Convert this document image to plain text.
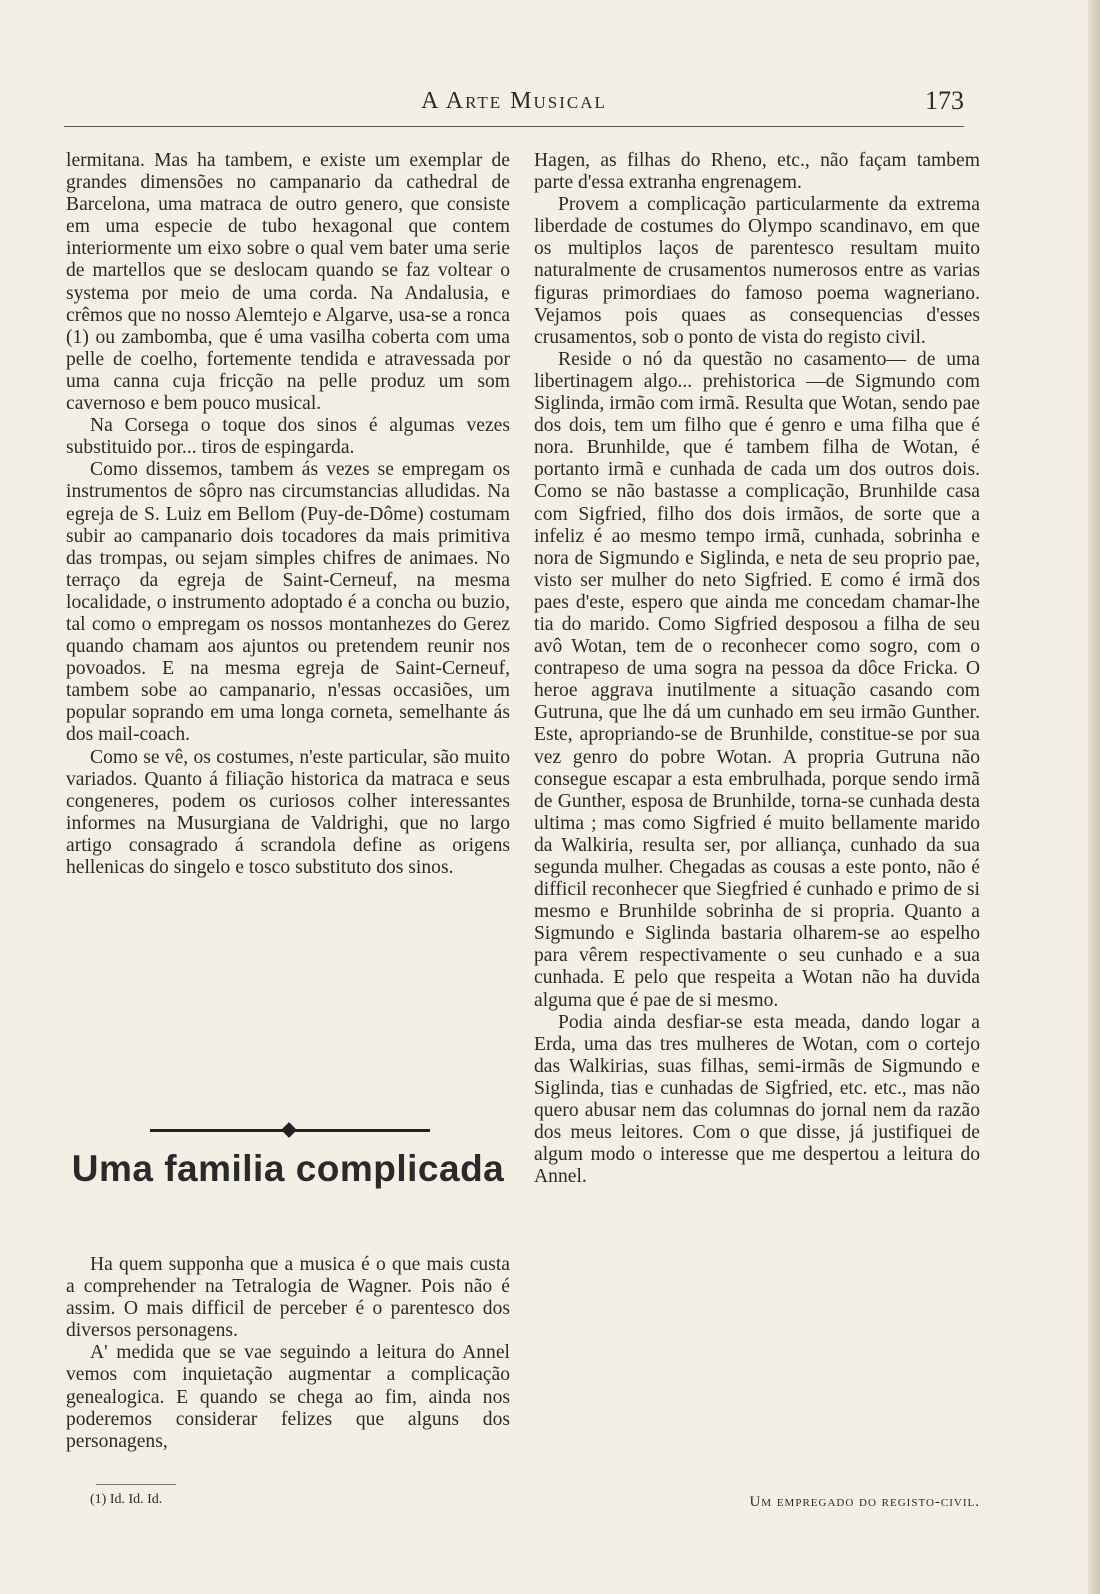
A Arte Musical	173

lermitana. Mas ha tambem, e existe um exemplar de grandes dimensões no campanario da cathedral de Barcelona, uma matraca de outro genero, que consiste em uma especie de tubo hexagonal que contem interiormente um eixo sobre o qual vem bater uma serie de martellos que se deslocam quando se faz voltear o systema por meio de uma corda. Na Andalusia, e crêmos que no nosso Alemtejo e Algarve, usa-se a ronca (1) ou zambomba, que é uma vasilha coberta com uma pelle de coelho, fortemente tendida e atravessada por uma canna cuja fricção na pelle produz um som cavernoso e bem pouco musical.

Na Corsega o toque dos sinos é algumas vezes substituido por... tiros de espingarda.

Como dissemos, tambem ás vezes se empregam os instrumentos de sôpro nas circumstancias alludidas. Na egreja de S. Luiz em Bellom (Puy-de-Dôme) costumam subir ao campanario dois tocadores da mais primitiva das trompas, ou sejam simples chifres de animaes. No terraço da egreja de Saint-Cerneuf, na mesma localidade, o instrumento adoptado é a concha ou buzio, tal como o empregam os nossos montanhezes do Gerez quando chamam aos ajuntos ou pretendem reunir nos povoados. E na mesma egreja de Saint-Cerneuf, tambem sobe ao campanario, n'essas occasiões, um popular soprando em uma longa corneta, semelhante ás dos mail-coach.

Como se vê, os costumes, n'este particular, são muito variados. Quanto á filiação historica da matraca e seus congeneres, podem os curiosos colher interessantes informes na Musurgiana de Valdrighi, que no largo artigo consagrado á scrandola define as origens hellenicas do singelo e tosco substituto dos sinos.

Uma familia complicada

Ha quem supponha que a musica é o que mais custa a comprehender na Tetralogia de Wagner. Pois não é assim. O mais difficil de perceber é o parentesco dos diversos personagens.

A' medida que se vae seguindo a leitura do Annel vemos com inquietação augmentar a complicação genealogica. E quando se chega ao fim, ainda nos poderemos considerar felizes que alguns dos personagens,

(1) Id. Id. Id.

Hagen, as filhas do Rheno, etc., não façam tambem parte d'essa extranha engrenagem.

Provem a complicação particularmente da extrema liberdade de costumes do Olympo scandinavo, em que os multiplos laços de parentesco resultam muito naturalmente de crusamentos numerosos entre as varias figuras primordiaes do famoso poema wagneriano. Vejamos pois quaes as consequencias d'esses crusamentos, sob o ponto de vista do registo civil.

Reside o nó da questão no casamento— de uma libertinagem algo... prehistorica —de Sigmundo com Siglinda, irmão com irmã. Resulta que Wotan, sendo pae dos dois, tem um filho que é genro e uma filha que é nora. Brunhilde, que é tambem filha de Wotan, é portanto irmã e cunhada de cada um dos outros dois. Como se não bastasse a complicação, Brunhilde casa com Sigfried, filho dos dois irmãos, de sorte que a infeliz é ao mesmo tempo irmã, cunhada, sobrinha e nora de Sigmundo e Siglinda, e neta de seu proprio pae, visto ser mulher do neto Sigfried. E como é irmã dos paes d'este, espero que ainda me concedam chamar-lhe tia do marido. Como Sigfried desposou a filha de seu avô Wotan, tem de o reconhecer como sogro, com o contrapeso de uma sogra na pessoa da dôce Fricka. O heroe aggrava inutilmente a situação casando com Gutruna, que lhe dá um cunhado em seu irmão Gunther. Este, apropriando-se de Brunhilde, constitue-se por sua vez genro do pobre Wotan. A propria Gutruna não consegue escapar a esta embrulhada, porque sendo irmã de Gunther, esposa de Brunhilde, torna-se cunhada desta ultima ; mas como Sigfried é muito bellamente marido da Walkiria, resulta ser, por alliança, cunhado da sua segunda mulher. Chegadas as cousas a este ponto, não é difficil reconhecer que Siegfried é cunhado e primo de si mesmo e Brunhilde sobrinha de si propria. Quanto a Sigmundo e Siglinda bastaria olharem-se ao espelho para vêrem respectivamente o seu cunhado e a sua cunhada. E pelo que respeita a Wotan não ha duvida alguma que é pae de si mesmo.

Podia ainda desfiar-se esta meada, dando logar a Erda, uma das tres mulheres de Wotan, com o cortejo das Walkirias, suas filhas, semi-irmãs de Sigmundo e Siglinda, tias e cunhadas de Sigfried, etc. etc., mas não quero abusar nem das columnas do jornal nem da razão dos meus leitores. Com o que disse, já justifiquei de algum modo o interesse que me despertou a leitura do Annel.

Um empregado do registo-civil.
